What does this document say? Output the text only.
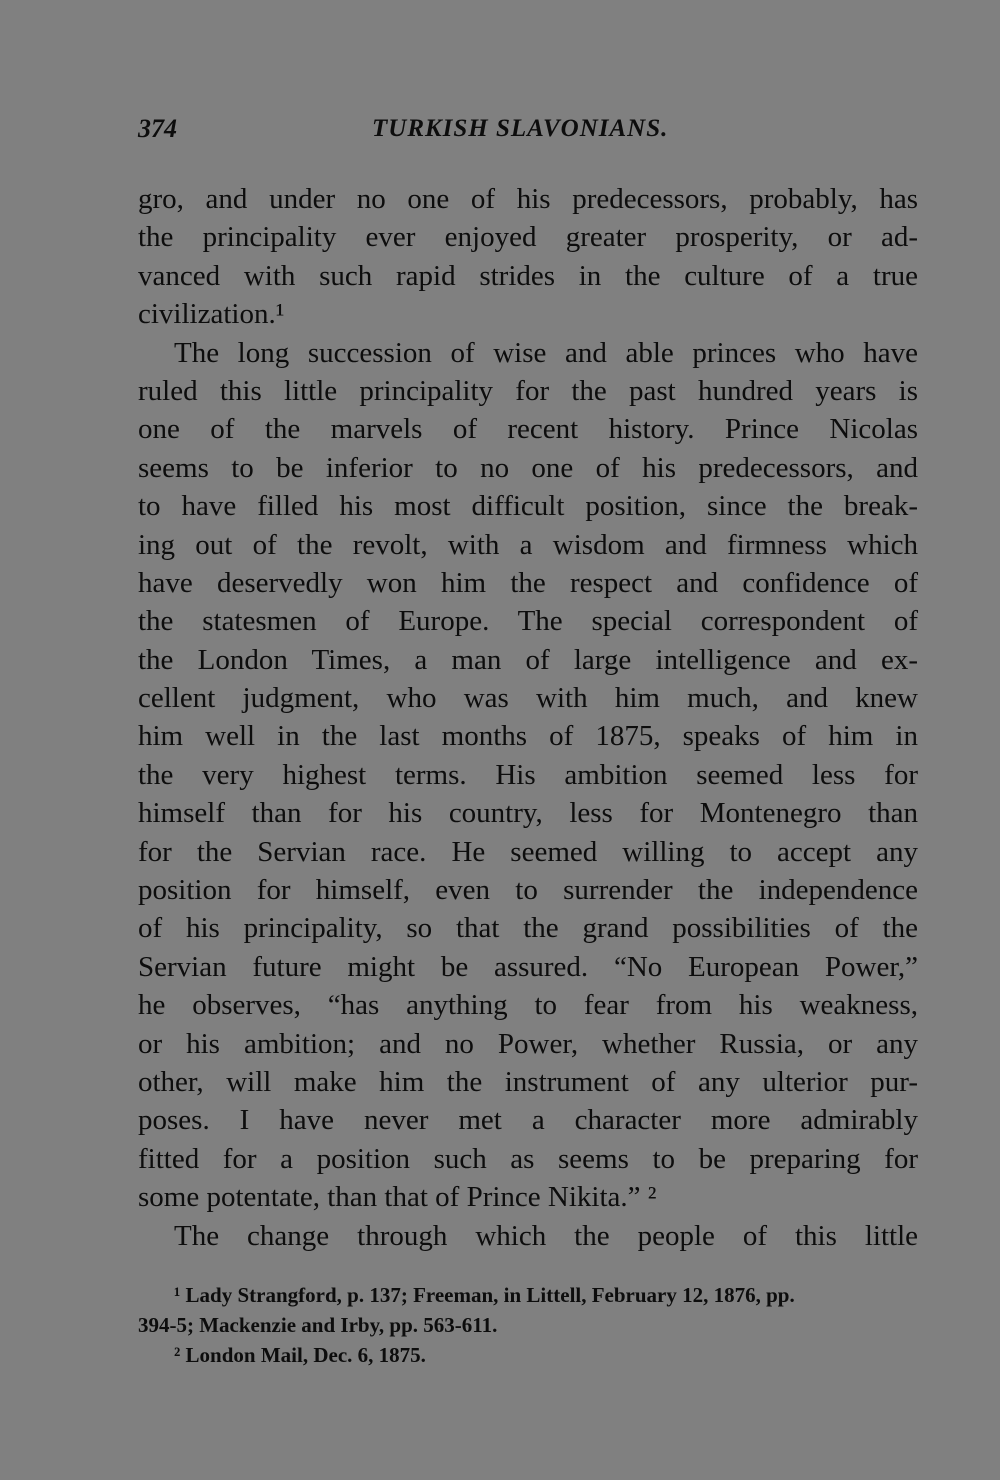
374	TURKISH SLAVONIANS.
gro, and under no one of his predecessors, probably, has
the principality ever enjoyed greater prosperity, or ad-
vanced with such rapid strides in the culture of a true
civilization.¹
The long succession of wise and able princes who have
ruled this little principality for the past hundred years is
one of the marvels of recent history. Prince Nicolas
seems to be inferior to no one of his predecessors, and
to have filled his most difficult position, since the break-
ing out of the revolt, with a wisdom and firmness which
have deservedly won him the respect and confidence of
the statesmen of Europe. The special correspondent of
the London Times, a man of large intelligence and ex-
cellent judgment, who was with him much, and knew
him well in the last months of 1875, speaks of him in
the very highest terms. His ambition seemed less for
himself than for his country, less for Montenegro than
for the Servian race. He seemed willing to accept any
position for himself, even to surrender the independence
of his principality, so that the grand possibilities of the
Servian future might be assured. “No European Power,”
he observes, “has anything to fear from his weakness,
or his ambition; and no Power, whether Russia, or any
other, will make him the instrument of any ulterior pur-
poses. I have never met a character more admirably
fitted for a position such as seems to be preparing for
some potentate, than that of Prince Nikita.” ²
The change through which the people of this little
¹ Lady Strangford, p. 137; Freeman, in Littell, February 12, 1876, pp.
394-5; Mackenzie and Irby, pp. 563-611.
² London Mail, Dec. 6, 1875.
